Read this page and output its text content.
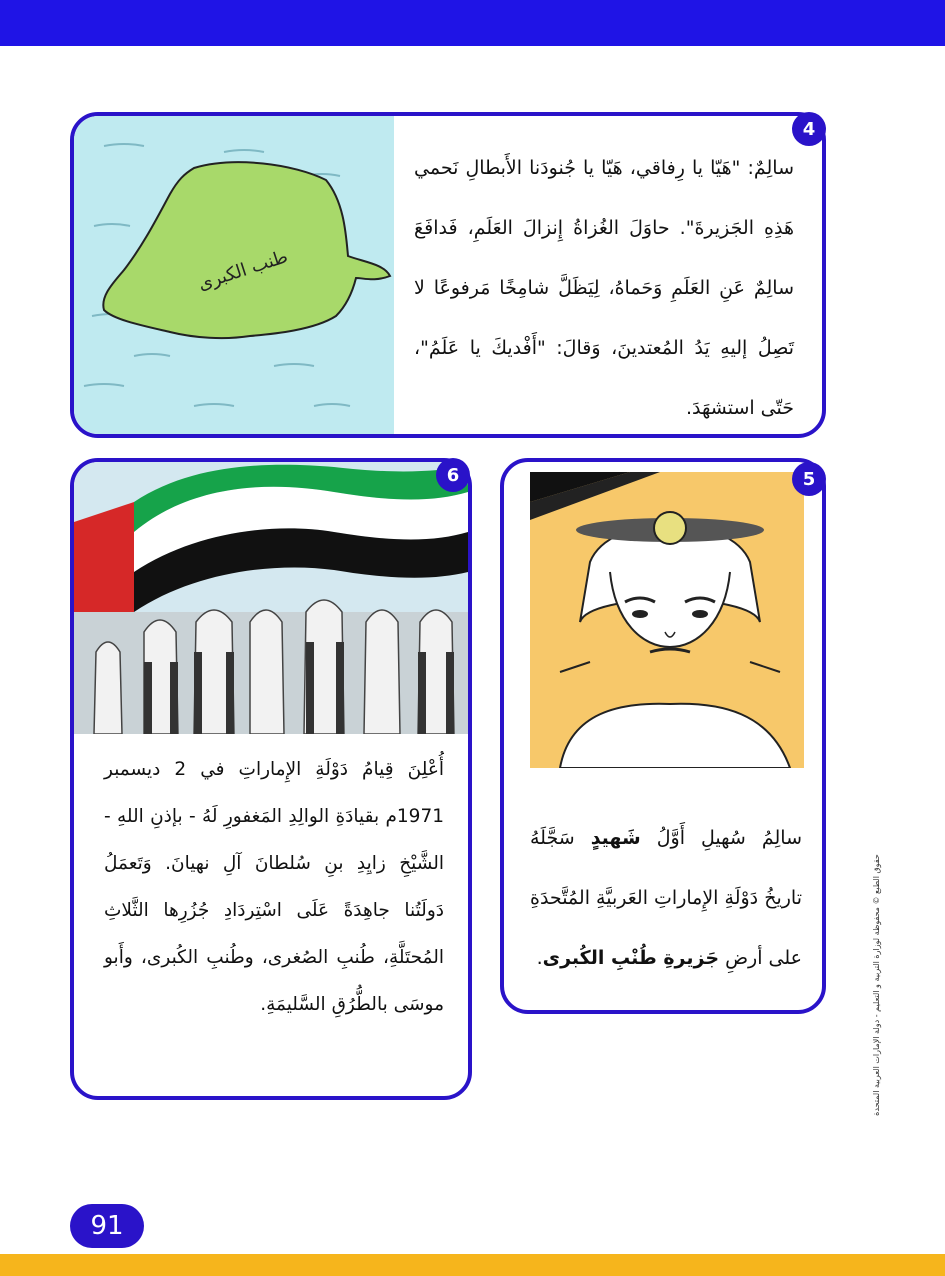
طنب الكبرى
سالِمٌ: "هَيّا يا رِفاقي، هَيّا يا جُنودَنا الأَبطالِ نَحمي هَذِهِ الجَزيرةَ". حاوَلَ الغُزاةُ إِنزالَ العَلَمِ، فَدافَعَ سالِمٌ عَنِ العَلَمِ وَحَماهُ، لِيَظَلَّ شامِخًا مَرفوعًا لا تَصِلُ إليهِ يَدُ المُعتدينَ، وَقالَ: "أَفْديكَ يا عَلَمُ"، حَتّى استشهَدَ.
4
سالِمُ سُهيلِ أَوَّلُ شَهيدٍ سَجَّلَهُ تاريخُ دَوْلَةِ الإِماراتِ العَربيَّةِ المُتَّحدَةِ على أرضِ جَزيرةِ طُنْبِ الكُبرى.
5
أُعْلِنَ قِيامُ دَوْلَةِ الإِماراتِ في 2 ديسمبر 1971م بقيادَةِ الوالِدِ المَغفورِ لَهُ - بإذنِ اللهِ - الشَّيْخِ زايِدِ بنِ سُلطانَ آلِ نهيانَ. وَتَعمَلُ دَولَتُنا جاهِدَةً عَلَى اسْتِردَادِ جُزُرِها الثَّلاثِ المُحتَلَّةِ، طُنبِ الصُغرى، وطُنبِ الكُبرى، وأَبو موسَى بالطُّرُقِ السَّليمَةِ.
6
حقوق الطبع © محفوظة لوزارة التربية و التعليم - دولة الإمارات العربية المتحدة
91
